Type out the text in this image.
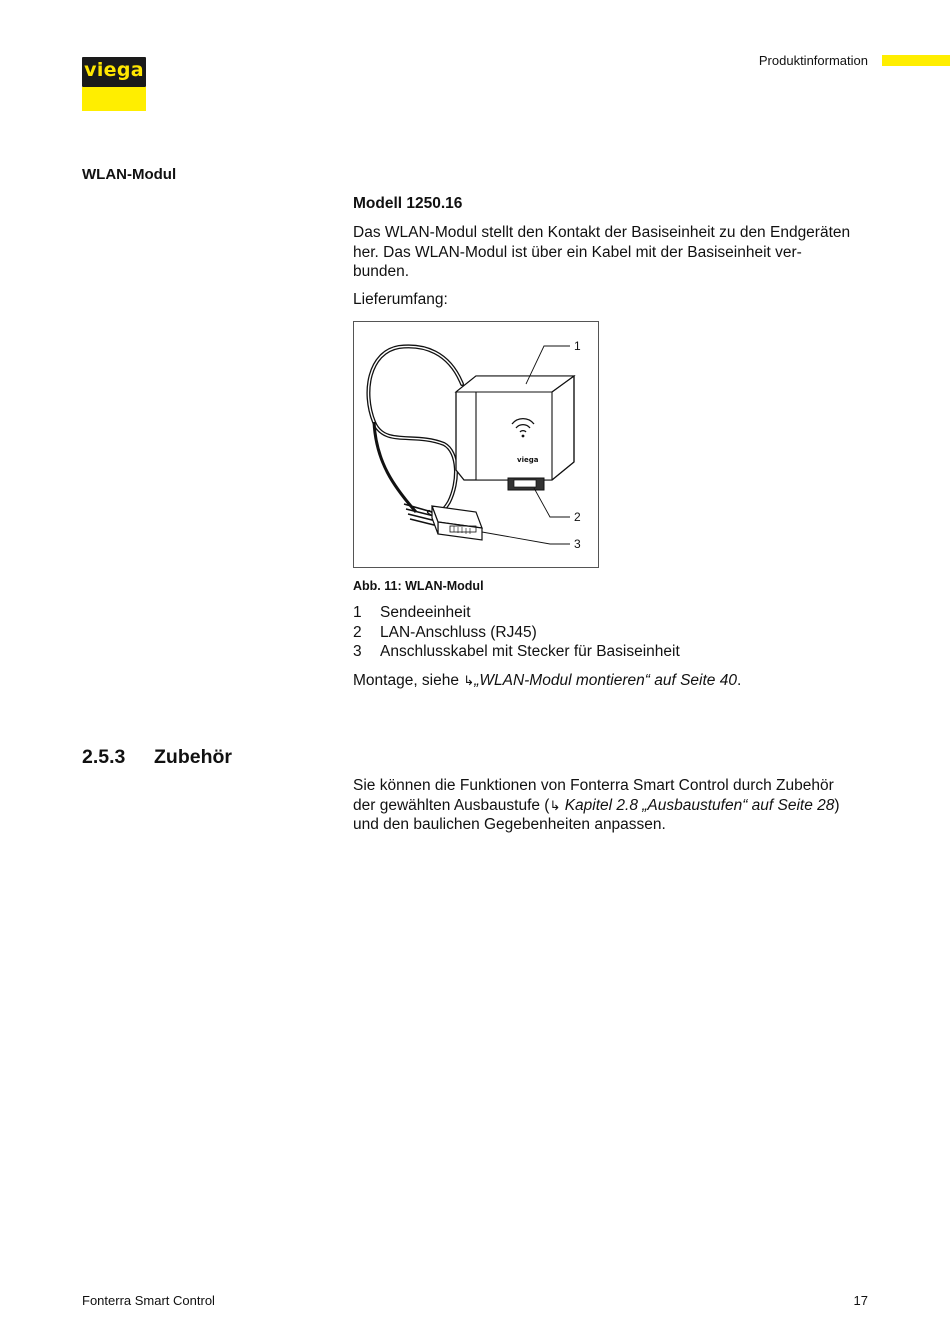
viega	Produktinformation
WLAN-Modul
Modell 1250.16
Das WLAN-Modul stellt den Kontakt der Basiseinheit zu den Endgeräten
her. Das WLAN-Modul ist über ein Kabel mit der Basiseinheit ver-
bunden.
Lieferumfang:
viega
1
2
3
Abb. 11: WLAN-Modul
1 Sendeeinheit
2 LAN-Anschluss (RJ45)
3 Anschlusskabel mit Stecker für Basiseinheit
Montage, siehe ↳„WLAN-Modul montieren“ auf Seite 40.
2.5.3 Zubehör
Sie können die Funktionen von Fonterra Smart Control durch Zubehör
der gewählten Ausbaustufe (↳ Kapitel 2.8 „Ausbaustufen“ auf Seite 28)
und den baulichen Gegebenheiten anpassen.
Fonterra Smart Control	17
